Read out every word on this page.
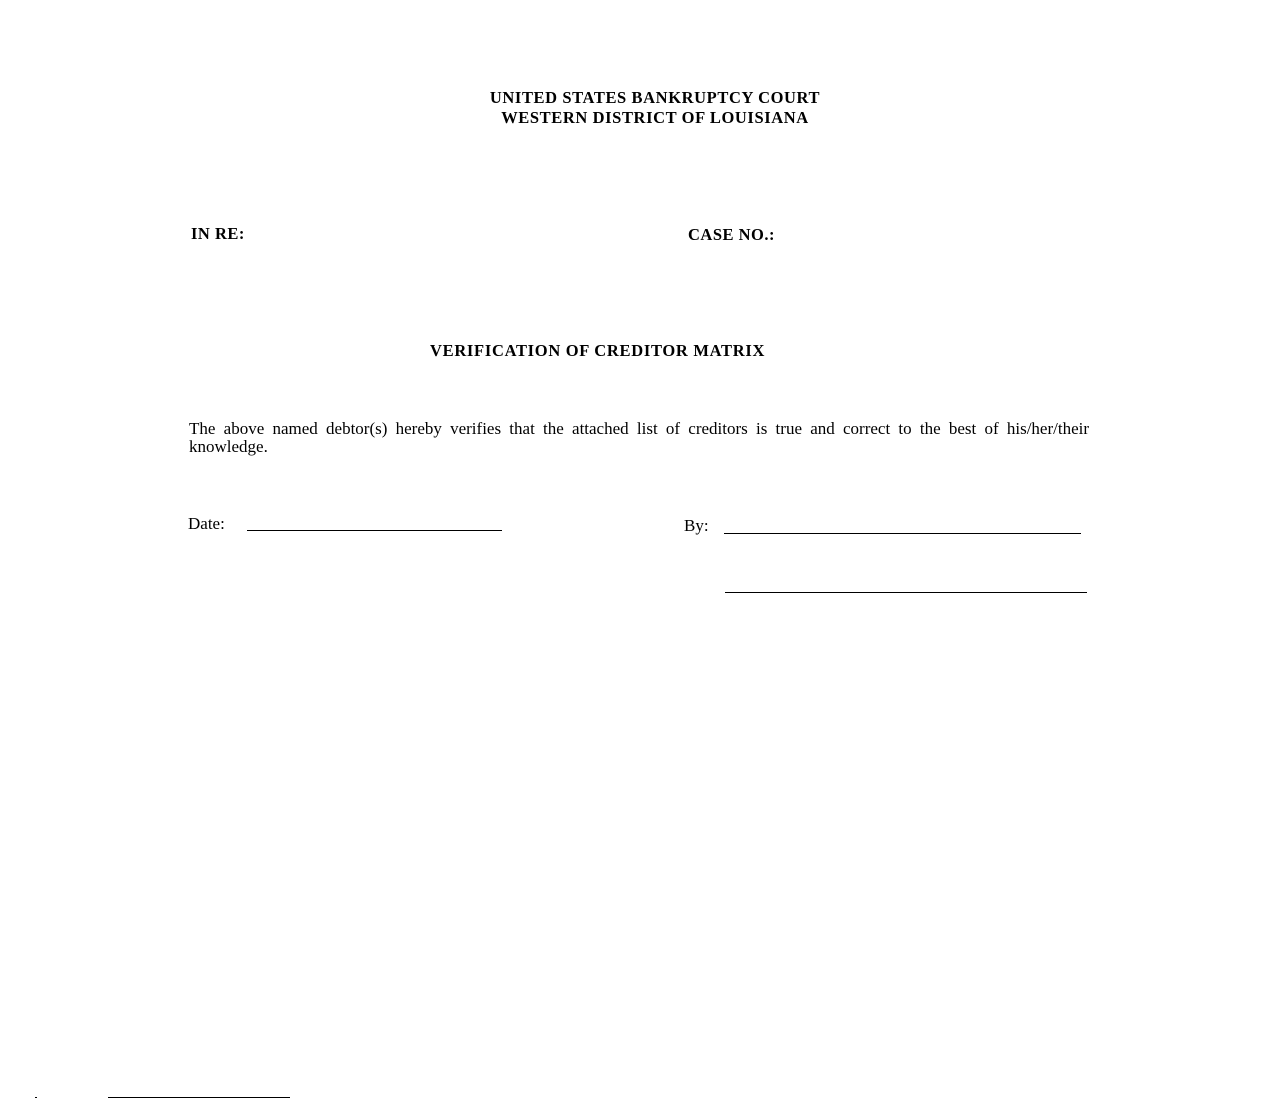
UNITED STATES BANKRUPTCY COURT
WESTERN DISTRICT OF LOUISIANA
IN RE:	CASE NO.:
VERIFICATION OF CREDITOR MATRIX
The above named debtor(s) hereby verifies that the attached list of creditors is true and correct to the best of his/her/their knowledge.
Date:	By:
